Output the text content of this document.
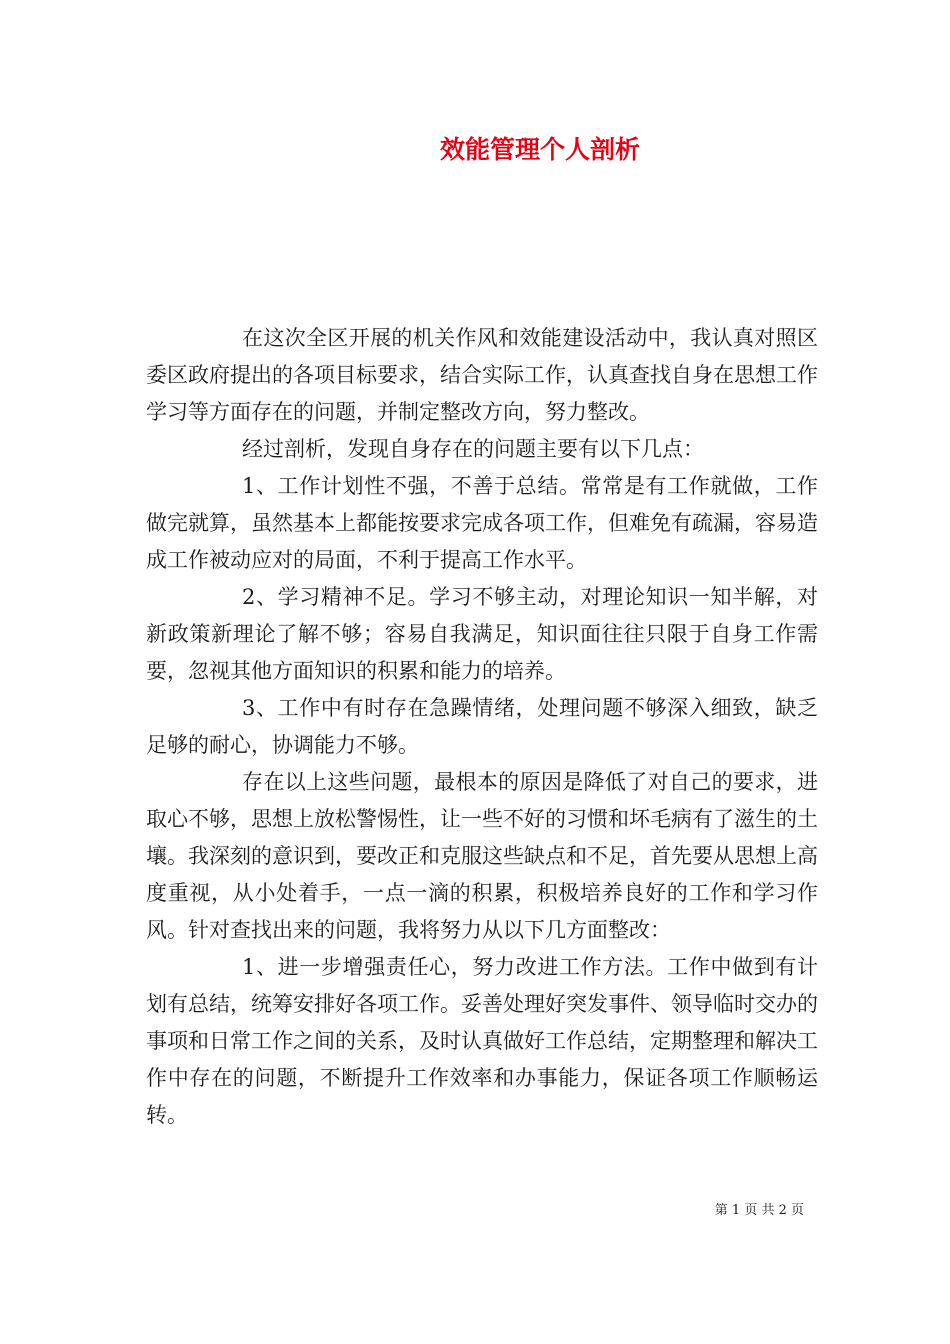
效能管理个人剖析

在这次全区开展的机关作风和效能建设活动中，我认真对照区委区政府提出的各项目标要求，结合实际工作，认真查找自身在思想工作学习等方面存在的问题，并制定整改方向，努力整改。

经过剖析，发现自身存在的问题主要有以下几点：

1、工作计划性不强，不善于总结。常常是有工作就做，工作做完就算，虽然基本上都能按要求完成各项工作，但难免有疏漏，容易造成工作被动应对的局面，不利于提高工作水平。

2、学习精神不足。学习不够主动，对理论知识一知半解，对新政策新理论了解不够；容易自我满足，知识面往往只限于自身工作需要，忽视其他方面知识的积累和能力的培养。

3、工作中有时存在急躁情绪，处理问题不够深入细致，缺乏足够的耐心，协调能力不够。

存在以上这些问题，最根本的原因是降低了对自己的要求，进取心不够，思想上放松警惕性，让一些不好的习惯和坏毛病有了滋生的土壤。我深刻的意识到，要改正和克服这些缺点和不足，首先要从思想上高度重视，从小处着手，一点一滴的积累，积极培养良好的工作和学习作风。针对查找出来的问题，我将努力从以下几方面整改：

1、进一步增强责任心，努力改进工作方法。工作中做到有计划有总结，统筹安排好各项工作。妥善处理好突发事件、领导临时交办的事项和日常工作之间的关系，及时认真做好工作总结，定期整理和解决工作中存在的问题，不断提升工作效率和办事能力，保证各项工作顺畅运转。

第 1 页 共 2 页
